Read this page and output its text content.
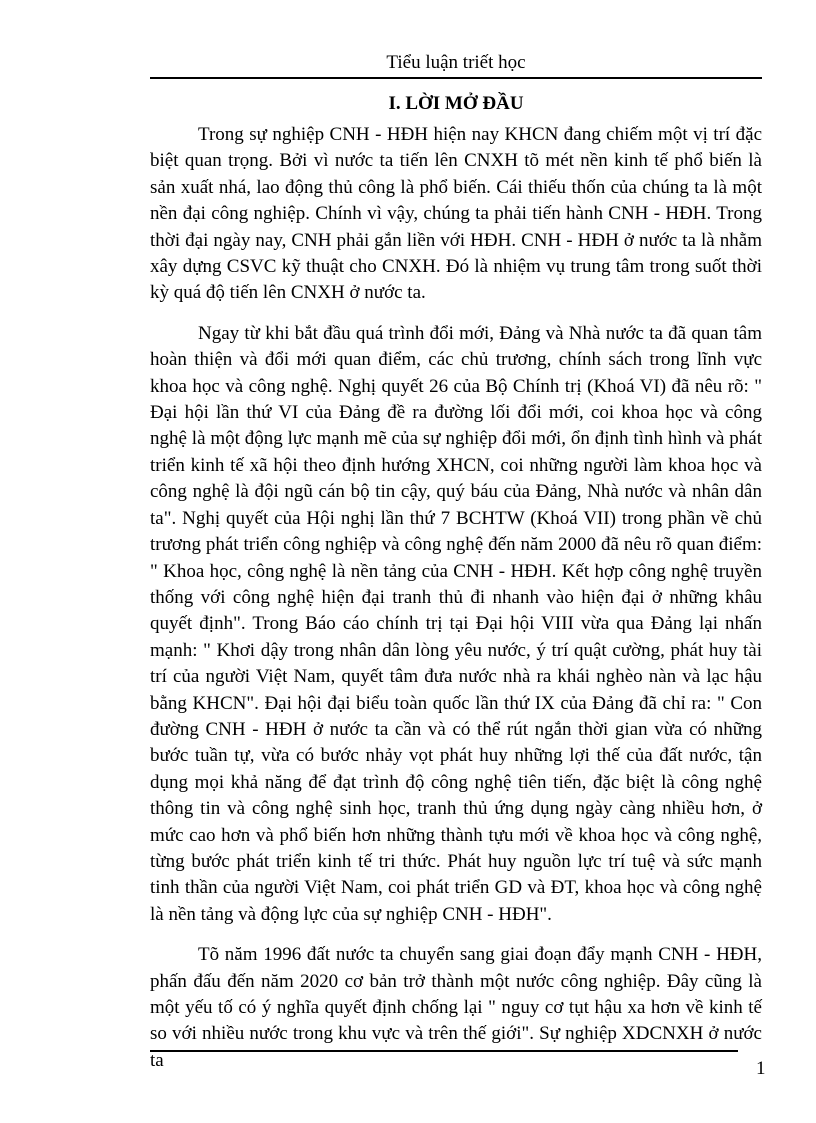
Tiểu luận triết học
I. LỜI MỞ ĐẦU

Trong sự nghiệp CNH - HĐH hiện nay KHCN đang chiếm một vị trí đặc biệt quan trọng. Bởi vì nước ta tiến lên CNXH tõ mét nền kinh tế phổ biến là sản xuất nhá, lao động thủ công là phổ biến. Cái thiếu thốn của chúng ta là một nền đại công nghiệp. Chính vì vậy, chúng ta phải tiến hành CNH - HĐH. Trong thời đại ngày nay, CNH phải gắn liền với HĐH. CNH - HĐH ở nước ta là nhằm xây dựng CSVC kỹ thuật cho CNXH. Đó là nhiệm vụ trung tâm trong suốt thời kỳ quá độ tiến lên CNXH ở nước ta.

Ngay từ khi bắt đầu quá trình đổi mới, Đảng và Nhà nước ta đã quan tâm hoàn thiện và đổi mới quan điểm, các chủ trương, chính sách trong lĩnh vực khoa học và công nghệ. Nghị quyết 26 của Bộ Chính trị (Khoá VI) đã nêu rõ: " Đại hội lần thứ VI của Đảng đề ra đường lối đổi mới, coi khoa học và công nghệ là một động lực mạnh mẽ của sự nghiệp đổi mới, ổn định tình hình và phát triển kinh tế xã hội theo định hướng XHCN, coi những người làm khoa học và công nghệ là đội ngũ cán bộ tin cậy, quý báu của Đảng, Nhà nước và nhân dân ta". Nghị quyết của Hội nghị lần thứ 7 BCHTW (Khoá VII) trong phần về chủ trương phát triển công nghiệp và công nghệ đến năm 2000 đã nêu rõ quan điểm: " Khoa học, công nghệ là nền tảng của CNH - HĐH. Kết hợp công nghệ truyền thống với công nghệ hiện đại tranh thủ đi nhanh vào hiện đại ở những khâu quyết định". Trong Báo cáo chính trị tại Đại hội VIII vừa qua Đảng lại nhấn mạnh: " Khơi dậy trong nhân dân lòng yêu nước, ý trí quật cường, phát huy tài trí của người Việt Nam, quyết tâm đưa nước nhà ra khái nghèo nàn và lạc hậu bằng KHCN". Đại hội đại biểu toàn quốc lần thứ IX của Đảng đã chỉ ra: " Con đường CNH - HĐH ở nước ta cần và có thể rút ngắn thời gian vừa có những bước tuần tự, vừa có bước nhảy vọt phát huy những lợi thế của đất nước, tận dụng mọi khả năng để đạt trình độ công nghệ tiên tiến, đặc biệt là công nghệ thông tin và công nghệ sinh học, tranh thủ ứng dụng ngày càng nhiều hơn, ở mức cao hơn và phổ biến hơn những thành tựu mới về khoa học và công nghệ, từng bước phát triển kinh tế tri thức. Phát huy nguồn lực trí tuệ và sức mạnh tinh thần của người Việt Nam, coi phát triển GD và ĐT, khoa học và công nghệ là nền tảng và động lực của sự nghiệp CNH - HĐH".

Tõ năm 1996 đất nước ta chuyển sang giai đoạn đẩy mạnh CNH - HĐH, phấn đấu đến năm 2020 cơ bản trở thành một nước công nghiệp. Đây cũng là một yếu tố có ý nghĩa quyết định chống lại " nguy cơ tụt hậu xa hơn về kinh tế so với nhiều nước trong khu vực và trên thế giới". Sự nghiệp XDCNXH ở nước ta	1
